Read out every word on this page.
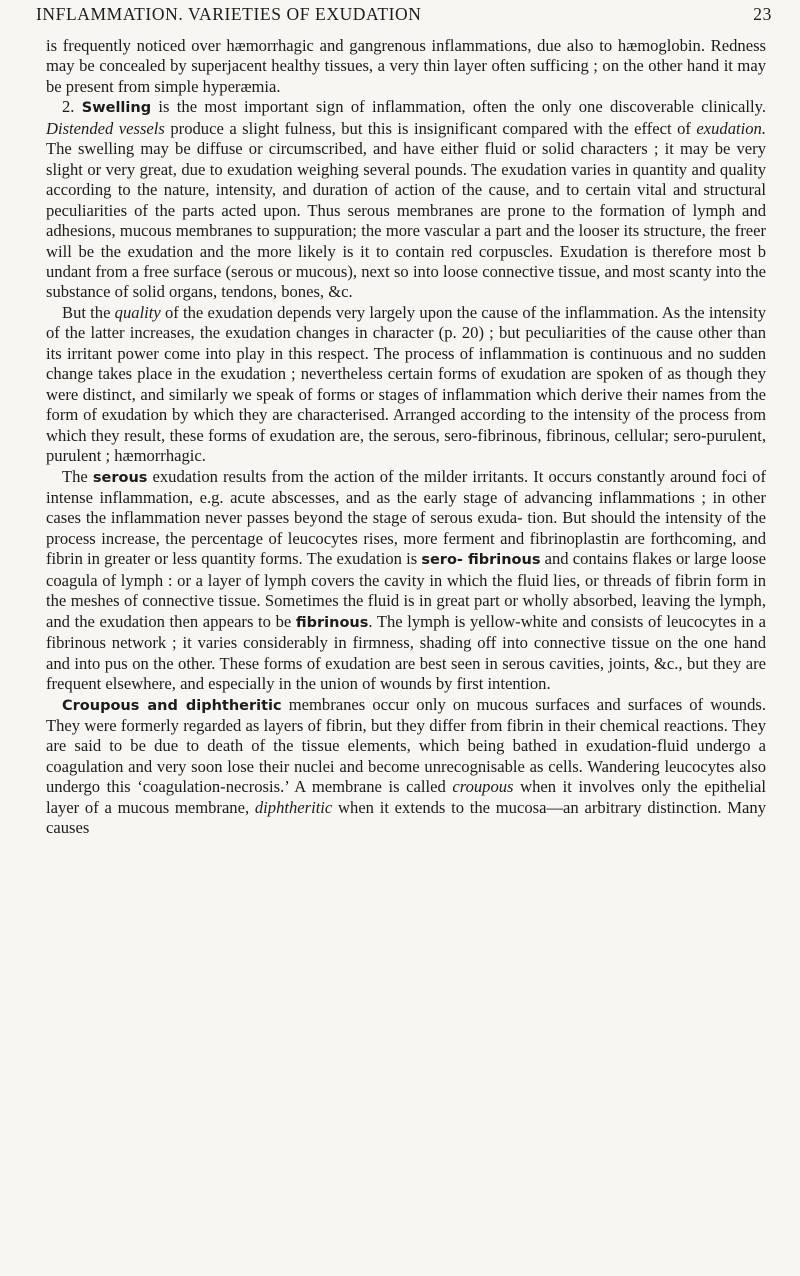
INFLAMMATION. VARIETIES OF EXUDATION	23

is frequently noticed over hæmorrhagic and gangrenous inflammations, due also to hæmoglobin. Redness may be concealed by superjacent healthy tissues, a very thin layer often sufficing ; on the other hand it may be present from simple hyperæmia.

2. Swelling is the most important sign of inflammation, often the only one discoverable clinically. Distended vessels produce a slight fulness, but this is insignificant compared with the effect of exudation. The swelling may be diffuse or circumscribed, and have either fluid or solid characters ; it may be very slight or very great, due to exudation weighing several pounds. The exudation varies in quantity and quality according to the nature, intensity, and duration of action of the cause, and to certain vital and structural peculiarities of the parts acted upon. Thus serous membranes are prone to the formation of lymph and adhesions, mucous membranes to suppuration; the more vascular a part and the looser its structure, the freer will be the exudation and the more likely is it to contain red corpuscles. Exudation is therefore most b undant from a free surface (serous or mucous), next so into loose connective tissue, and most scanty into the substance of solid organs, tendons, bones, &c.

But the quality of the exudation depends very largely upon the cause of the inflammation. As the intensity of the latter increases, the exudation changes in character (p. 20) ; but peculiarities of the cause other than its irritant power come into play in this respect. The process of inflammation is continuous and no sudden change takes place in the exudation ; nevertheless certain forms of exudation are spoken of as though they were distinct, and similarly we speak of forms or stages of inflammation which derive their names from the form of exudation by which they are characterised. Arranged according to the intensity of the process from which they result, these forms of exudation are, the serous, sero-fibrinous, fibrinous, cellular; sero-purulent, purulent ; hæmorrhagic.

The serous exudation results from the action of the milder irritants. It occurs constantly around foci of intense inflammation, e.g. acute abscesses, and as the early stage of advancing inflammations ; in other cases the inflammation never passes beyond the stage of serous exuda- tion. But should the intensity of the process increase, the percentage of leucocytes rises, more ferment and fibrinoplastin are forthcoming, and fibrin in greater or less quantity forms. The exudation is sero- fibrinous and contains flakes or large loose coagula of lymph : or a layer of lymph covers the cavity in which the fluid lies, or threads of fibrin form in the meshes of connective tissue. Sometimes the fluid is in great part or wholly absorbed, leaving the lymph, and the exudation then appears to be fibrinous. The lymph is yellow-white and consists of leucocytes in a fibrinous network ; it varies considerably in firmness, shading off into connective tissue on the one hand and into pus on the other. These forms of exudation are best seen in serous cavities, joints, &c., but they are frequent elsewhere, and especially in the union of wounds by first intention.

Croupous and diphtheritic membranes occur only on mucous surfaces and surfaces of wounds. They were formerly regarded as layers of fibrin, but they differ from fibrin in their chemical reactions. They are said to be due to death of the tissue elements, which being bathed in exudation-fluid undergo a coagulation and very soon lose their nuclei and become unrecognisable as cells. Wandering leucocytes also undergo this ‘coagulation-necrosis.’ A membrane is called croupous when it involves only the epithelial layer of a mucous membrane, diphtheritic when it extends to the mucosa—an arbitrary distinction. Many causes
